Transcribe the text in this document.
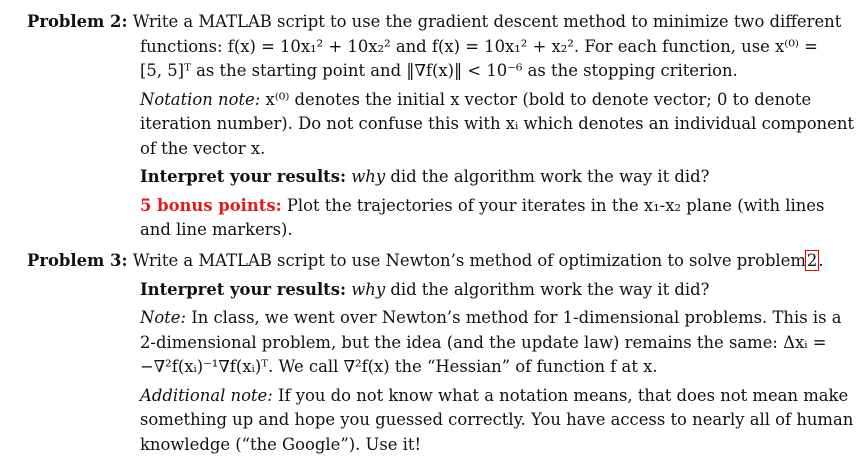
Problem 2: Write a MATLAB script to use the gradient descent method to minimize two different
functions: f(x) = 10x₁² + 10x₂² and f(x) = 10x₁² + x₂². For each function, use x⁽⁰⁾ =
[5, 5]ᵀ as the starting point and ‖∇f(x)‖ < 10⁻⁶ as the stopping criterion.
Notation note: x⁽⁰⁾ denotes the initial x vector (bold to denote vector; 0 to denote
iteration number). Do not confuse this with xᵢ which denotes an individual component
of the vector x.
Interpret your results: why did the algorithm work the way it did?
5 bonus points: Plot the trajectories of your iterates in the x₁-x₂ plane (with lines
and line markers).
Problem 3: Write a MATLAB script to use Newton’s method of optimization to solve problem2.
Interpret your results: why did the algorithm work the way it did?
Note: In class, we went over Newton’s method for 1-dimensional problems. This is a
2-dimensional problem, but the idea (and the update law) remains the same: Δxᵢ =
−∇²f(xᵢ)⁻¹∇f(xᵢ)ᵀ. We call ∇²f(x) the “Hessian” of function f at x.
Additional note: If you do not know what a notation means, that does not mean make
something up and hope you guessed correctly. You have access to nearly all of human
knowledge (“the Google”). Use it!
